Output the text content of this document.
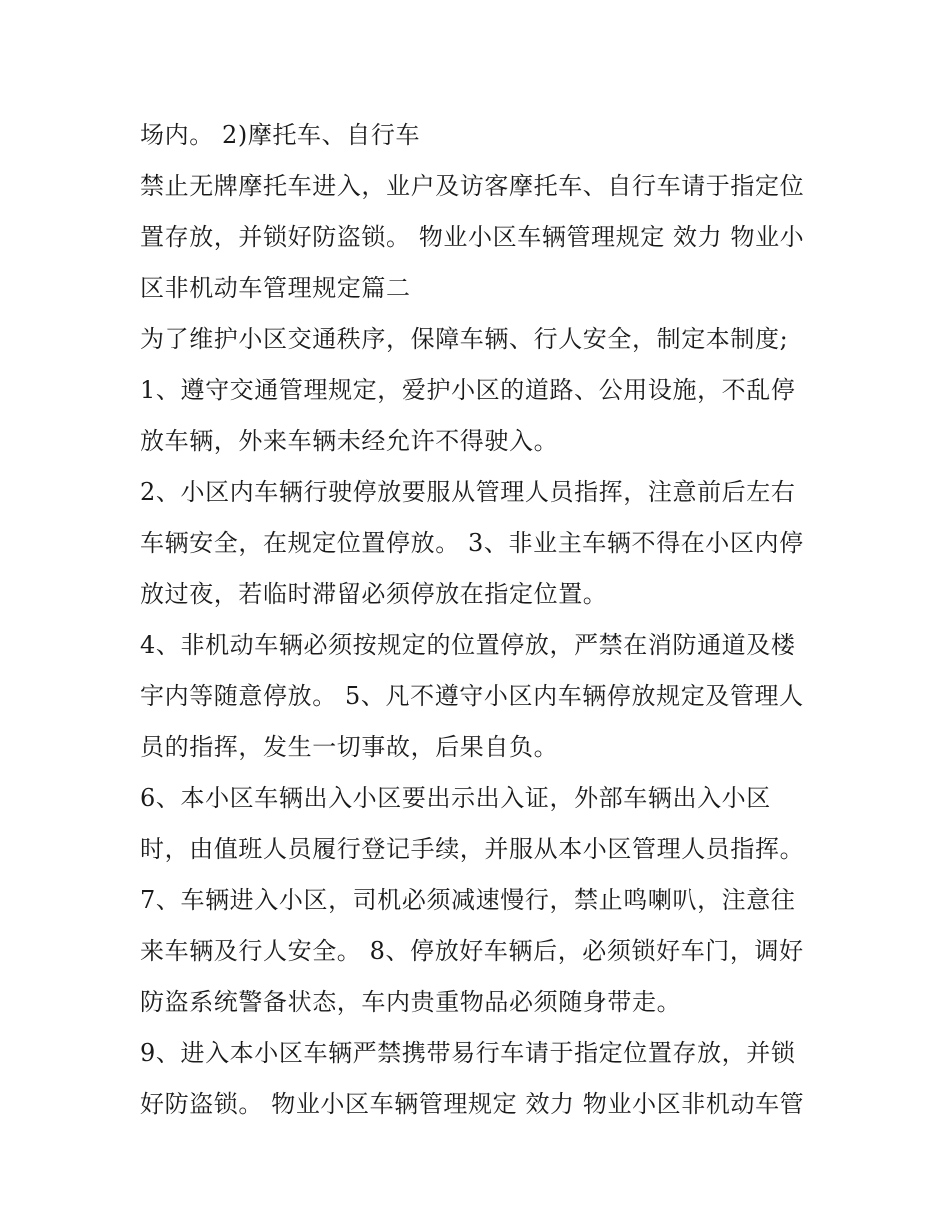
场内。 2)摩托车、自行车
禁止无牌摩托车进入，业户及访客摩托车、自行车请于指定位
置存放，并锁好防盗锁。 物业小区车辆管理规定 效力 物业小
区非机动车管理规定篇二
为了维护小区交通秩序，保障车辆、行人安全，制定本制度;
1、遵守交通管理规定，爱护小区的道路、公用设施，不乱停
放车辆，外来车辆未经允许不得驶入。
2、小区内车辆行驶停放要服从管理人员指挥，注意前后左右
车辆安全，在规定位置停放。 3、非业主车辆不得在小区内停
放过夜，若临时滞留必须停放在指定位置。
4、非机动车辆必须按规定的位置停放，严禁在消防通道及楼
宇内等随意停放。 5、凡不遵守小区内车辆停放规定及管理人
员的指挥，发生一切事故，后果自负。
6、本小区车辆出入小区要出示出入证，外部车辆出入小区
时，由值班人员履行登记手续，并服从本小区管理人员指挥。
7、车辆进入小区，司机必须减速慢行，禁止鸣喇叭，注意往
来车辆及行人安全。 8、停放好车辆后，必须锁好车门，调好
防盗系统警备状态，车内贵重物品必须随身带走。
9、进入本小区车辆严禁携带易行车请于指定位置存放，并锁
好防盗锁。 物业小区车辆管理规定 效力 物业小区非机动车管
